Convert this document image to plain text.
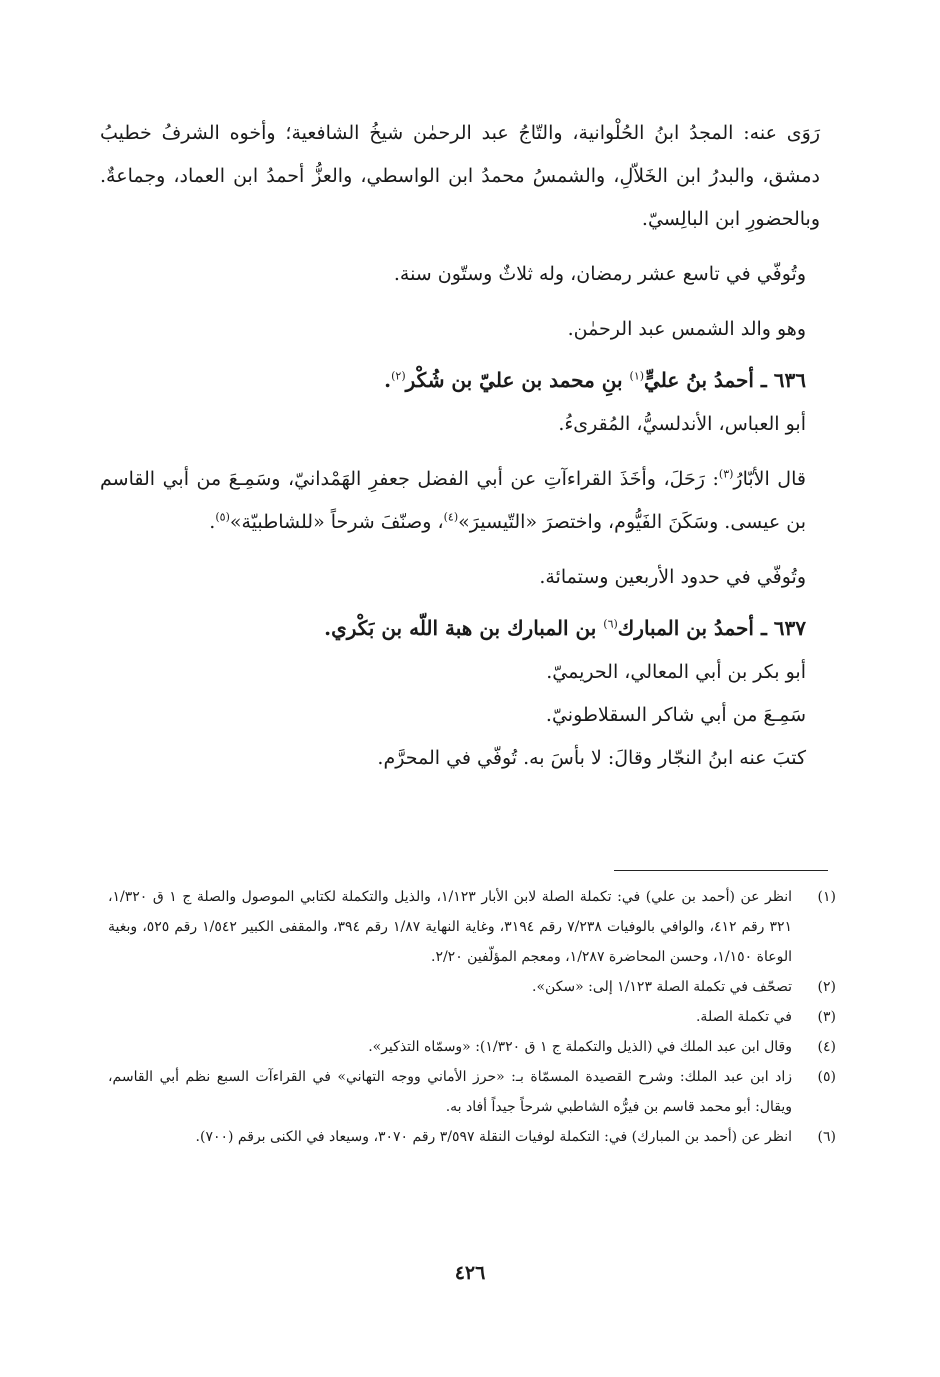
رَوَى عنه: المجدُ ابنُ الحُلْوانية، والتّاجُ عبد الرحمٰن شيخُ الشافعية؛ وأخوه الشرفُ خطيبُ دمشق، والبدرُ ابن الخَلاّلِ، والشمسُ محمدُ ابن الواسطي، والعزُّ أحمدُ ابن العماد، وجماعةٌ. وبالحضورِ ابن البالِسيّ.

وتُوفّي في تاسع عشر رمضان، وله ثلاثٌ وستّون سنة.

وهو والد الشمس عبد الرحمٰن.

٦٣٦ ـ أحمدُ بنُ عليٍّ$^{(١)}$ بنِ محمد بن عليّ بن شُكْر$^{(٢)}$.

أبو العباس، الأندلسيُّ، المُقرىءُ.

قال الأبّارُ$^{(٣)}$: رَحَلَ، وأخَذَ القراءآتِ عن أبي الفضل جعفرِ الهَمْدانيّ، وسَمِـعَ من أبي القاسم بن عيسى. وسَكَنَ الفَيُّوم، واختصرَ «التّيسيرَ»$^{(٤)}$، وصنّفَ شرحاً «للشاطبيّة»$^{(٥)}$.

وتُوفّي في حدود الأربعين وستمائة.

٦٣٧ ـ أحمدُ بن المبارك$^{(٦)}$ بن المبارك بن هبة اللّه بن بَكْري.

أبو بكر بن أبي المعالي، الحريميّ.

سَمِـعَ من أبي شاكر السقلاطونيّ.

كتبَ عنه ابنُ النجّار وقالَ: لا بأسَ به. تُوفّي في المحرَّم.

(١)
انظر عن (أحمد بن علي) في: تكملة الصلة لابن الأبار ١/١٢٣، والذيل والتكملة لكتابي الموصول والصلة ج ١ ق ١/٣٢٠، ٣٢١ رقم ٤١٢، والوافي بالوفيات ٧/٢٣٨ رقم ٣١٩٤، وغاية النهاية ١/٨٧ رقم ٣٩٤، والمقفى الكبير ١/٥٤٢ رقم ٥٢٥، وبغية الوعاة ١/١٥٠، وحسن المحاضرة ١/٢٨٧، ومعجم المؤلّفين ٢/٢٠.
(٢)
تصحّف في تكملة الصلة ١/١٢٣ إلى: «سكن».
(٣)
في تكملة الصلة.
(٤)
وقال ابن عبد الملك في (الذيل والتكملة ج ١ ق ١/٣٢٠): «وسمّاه التذكير».
(٥)
زاد ابن عبد الملك: وشرح القصيدة المسمّاة بـ: «حرز الأماني ووجه التهاني» في القراءآت السبع نظم أبي القاسم، ويقال: أبو محمد قاسم بن فيرُّه الشاطبي شرحاً جيداً أفاد به.
(٦)
انظر عن (أحمد بن المبارك) في: التكملة لوفيات النقلة ٣/٥٩٧ رقم ٣٠٧٠، وسيعاد في الكنى برقم (٧٠٠).
٤٢٦
